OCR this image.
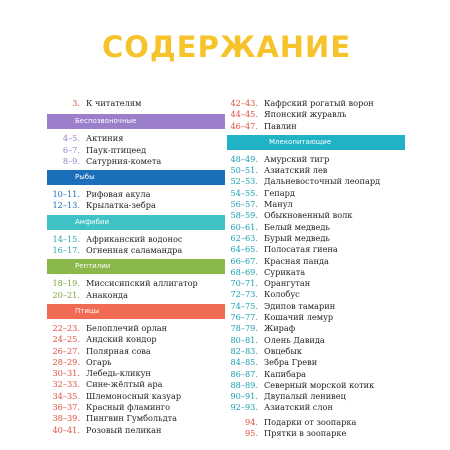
СОДЕРЖАНИЕ
3. К читателям
Беспозвоночные
4–5. Актиния
6–7. Паук-птицеед
8–9. Сатурния-комета
Рыбы
10–11. Рифовая акула
12–13. Крылатка-зебра
Амфибии
14–15. Африканский водонос
16–17. Огненная саламандра
Рептилии
18–19. Миссисипский аллигатор
20–21. Анаконда
Птицы
22–23. Белоплечий орлан
24–25. Андский кондор
26–27. Полярная сова
28–29. Огарь
30–31. Лебедь-кликун
32–33. Сине-жёлтый ара
34–35. Шлемоносный казуар
36–37. Красный фламинго
38–39. Пингвин Гумбольдта
40–41. Розовый пеликан
42–43. Кафрский рогатый ворон
44–45. Японский журавль
46–47. Павлин
Млекопитающие
48–49. Амурский тигр
50–51. Азиатский лев
52–53. Дальневосточный леопард
54–55. Гепард
56–57. Манул
58–59. Обыкновенный волк
60–61. Белый медведь
62–63. Бурый медведь
64–65. Полосатая гиена
66–67. Красная панда
68–69. Суриката
70–71. Орангутан
72–73. Колобус
74–75. Эдипов тамарин
76–77. Кошачий лемур
78–79. Жираф
80–81. Олень Давида
82–83. Овцебык
84–85. Зебра Греви
86–87. Капибара
88–89. Северный морской котик
90–91. Двупалый ленивец
92–93. Азиатский слон
94. Подарки от зоопарка
95. Прятки в зоопарке
